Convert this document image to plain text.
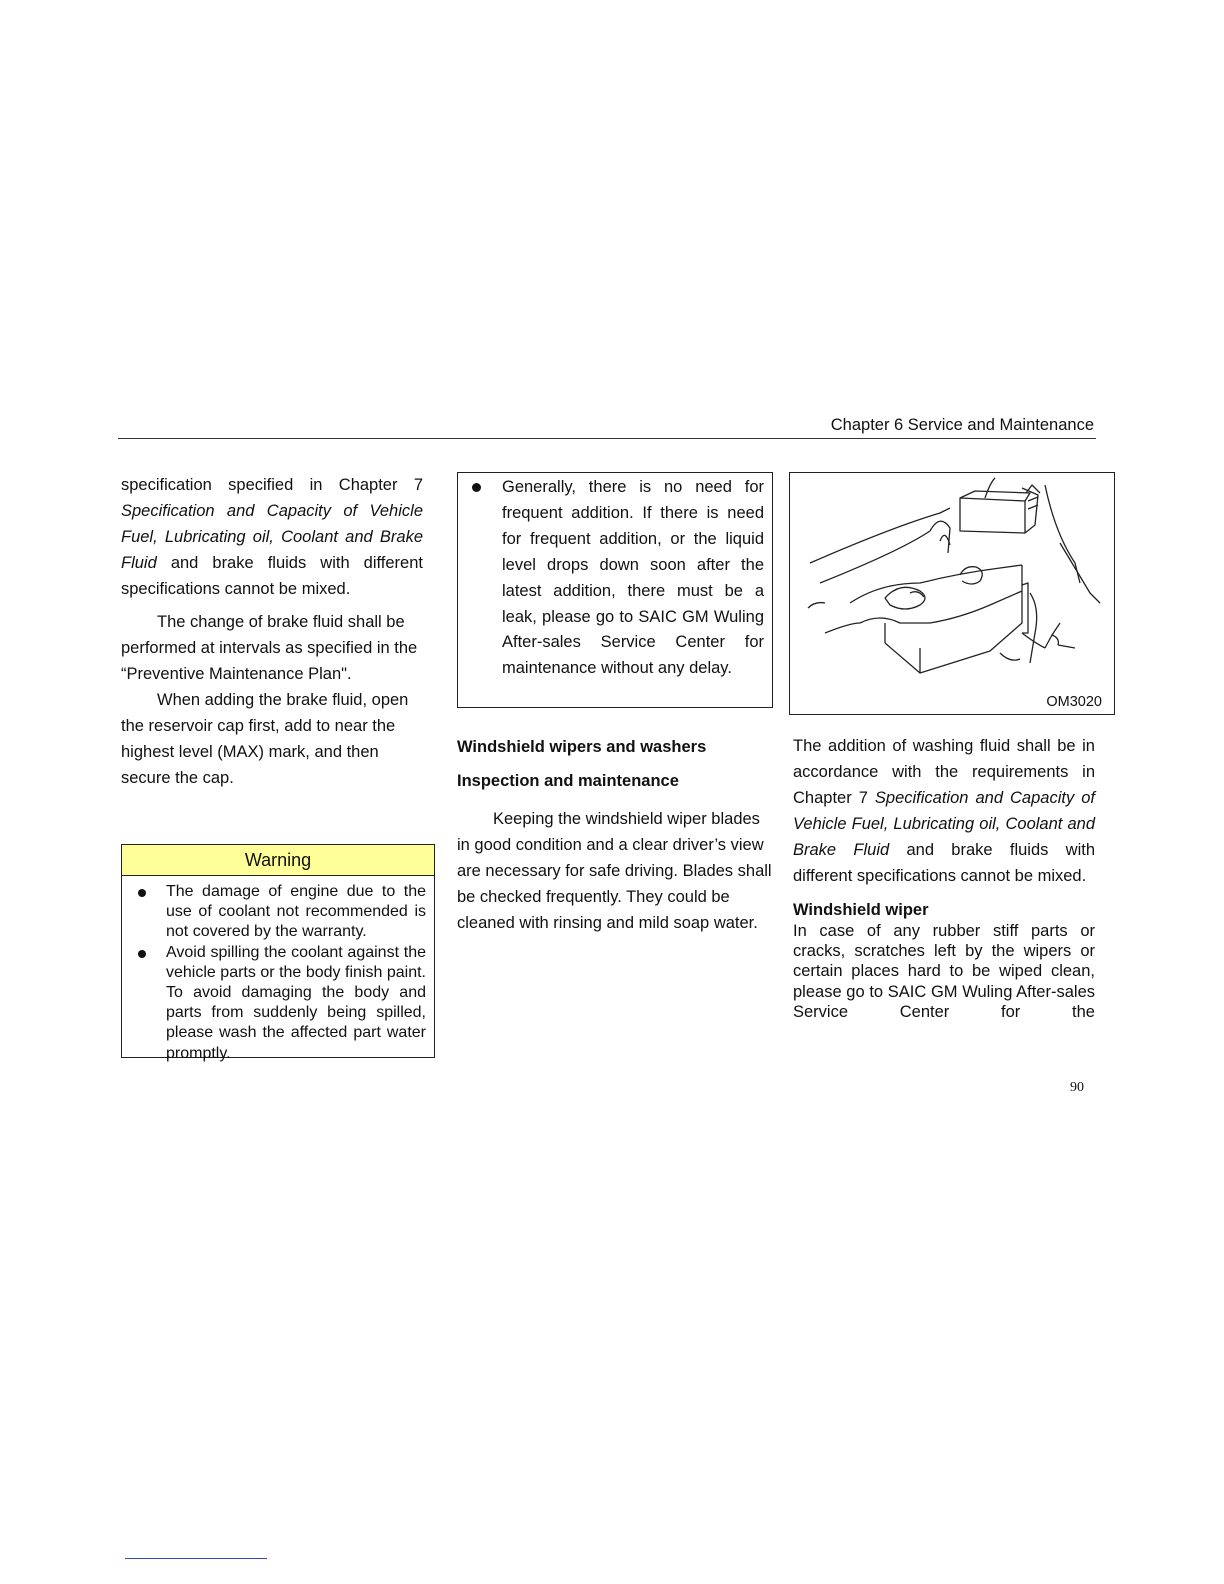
Chapter 6 Service and Maintenance

specification specified in Chapter 7 Specification and Capacity of Vehicle Fuel, Lubricating oil, Coolant and Brake Fluid and brake fluids with different specifications cannot be mixed.

The change of brake fluid shall be performed at intervals as specified in the “Preventive Maintenance Plan".

When adding the brake fluid, open the reservoir cap first, add to near the highest level (MAX) mark, and then secure the cap.

Warning
The damage of engine due to the use of coolant not recommended is not covered by the warranty.
Avoid spilling the coolant against the vehicle parts or the body finish paint. To avoid damaging the body and parts from suddenly being spilled, please wash the affected part water promptly.

Generally, there is no need for frequent addition. If there is need for frequent addition, or the liquid level drops down soon after the latest addition, there must be a leak, please go to SAIC GM Wuling After-sales Service Center for maintenance without any delay.

Windshield wipers and washers

Inspection and maintenance

Keeping the windshield wiper blades in good condition and a clear driver’s view are necessary for safe driving. Blades shall be checked frequently. They could be cleaned with rinsing and mild soap water.

OM3020

The addition of washing fluid shall be in accordance with the requirements in Chapter 7 Specification and Capacity of Vehicle Fuel, Lubricating oil, Coolant and Brake Fluid and brake fluids with different specifications cannot be mixed.

Windshield wiper

In case of any rubber stiff parts or cracks, scratches left by the wipers or certain places hard to be wiped clean, please go to SAIC GM Wuling After-sales Service Center for the

90
